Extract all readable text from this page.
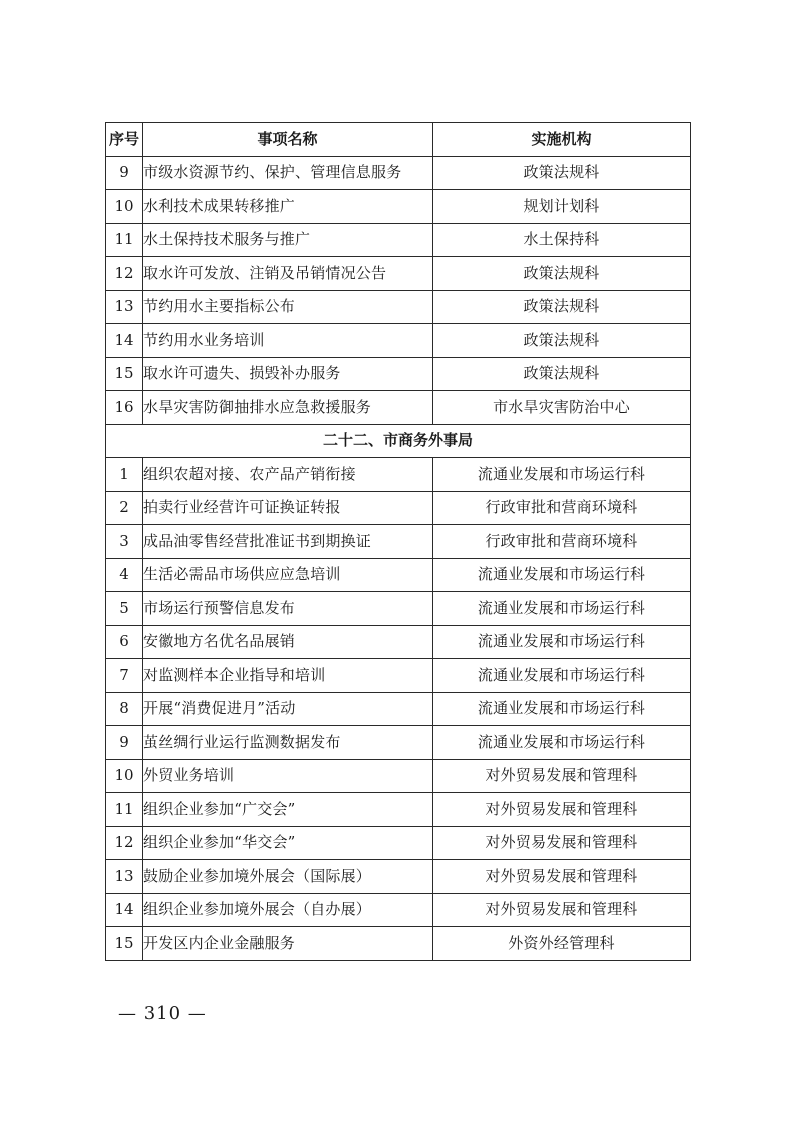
序号	事项名称	实施机构
9	市级水资源节约、保护、管理信息服务	政策法规科
10	水利技术成果转移推广	规划计划科
11	水土保持技术服务与推广	水土保持科
12	取水许可发放、注销及吊销情况公告	政策法规科
13	节约用水主要指标公布	政策法规科
14	节约用水业务培训	政策法规科
15	取水许可遗失、损毁补办服务	政策法规科
16	水旱灾害防御抽排水应急救援服务	市水旱灾害防治中心
二十二、市商务外事局		
1	组织农超对接、农产品产销衔接	流通业发展和市场运行科
2	拍卖行业经营许可证换证转报	行政审批和营商环境科
3	成品油零售经营批准证书到期换证	行政审批和营商环境科
4	生活必需品市场供应应急培训	流通业发展和市场运行科
5	市场运行预警信息发布	流通业发展和市场运行科
6	安徽地方名优名品展销	流通业发展和市场运行科
7	对监测样本企业指导和培训	流通业发展和市场运行科
8	开展“消费促进月”活动	流通业发展和市场运行科
9	茧丝绸行业运行监测数据发布	流通业发展和市场运行科
10	外贸业务培训	对外贸易发展和管理科
11	组织企业参加“广交会”	对外贸易发展和管理科
12	组织企业参加“华交会”	对外贸易发展和管理科
13	鼓励企业参加境外展会（国际展）	对外贸易发展和管理科
14	组织企业参加境外展会（自办展）	对外贸易发展和管理科
15	开发区内企业金融服务	外资外经管理科
— 310 —
